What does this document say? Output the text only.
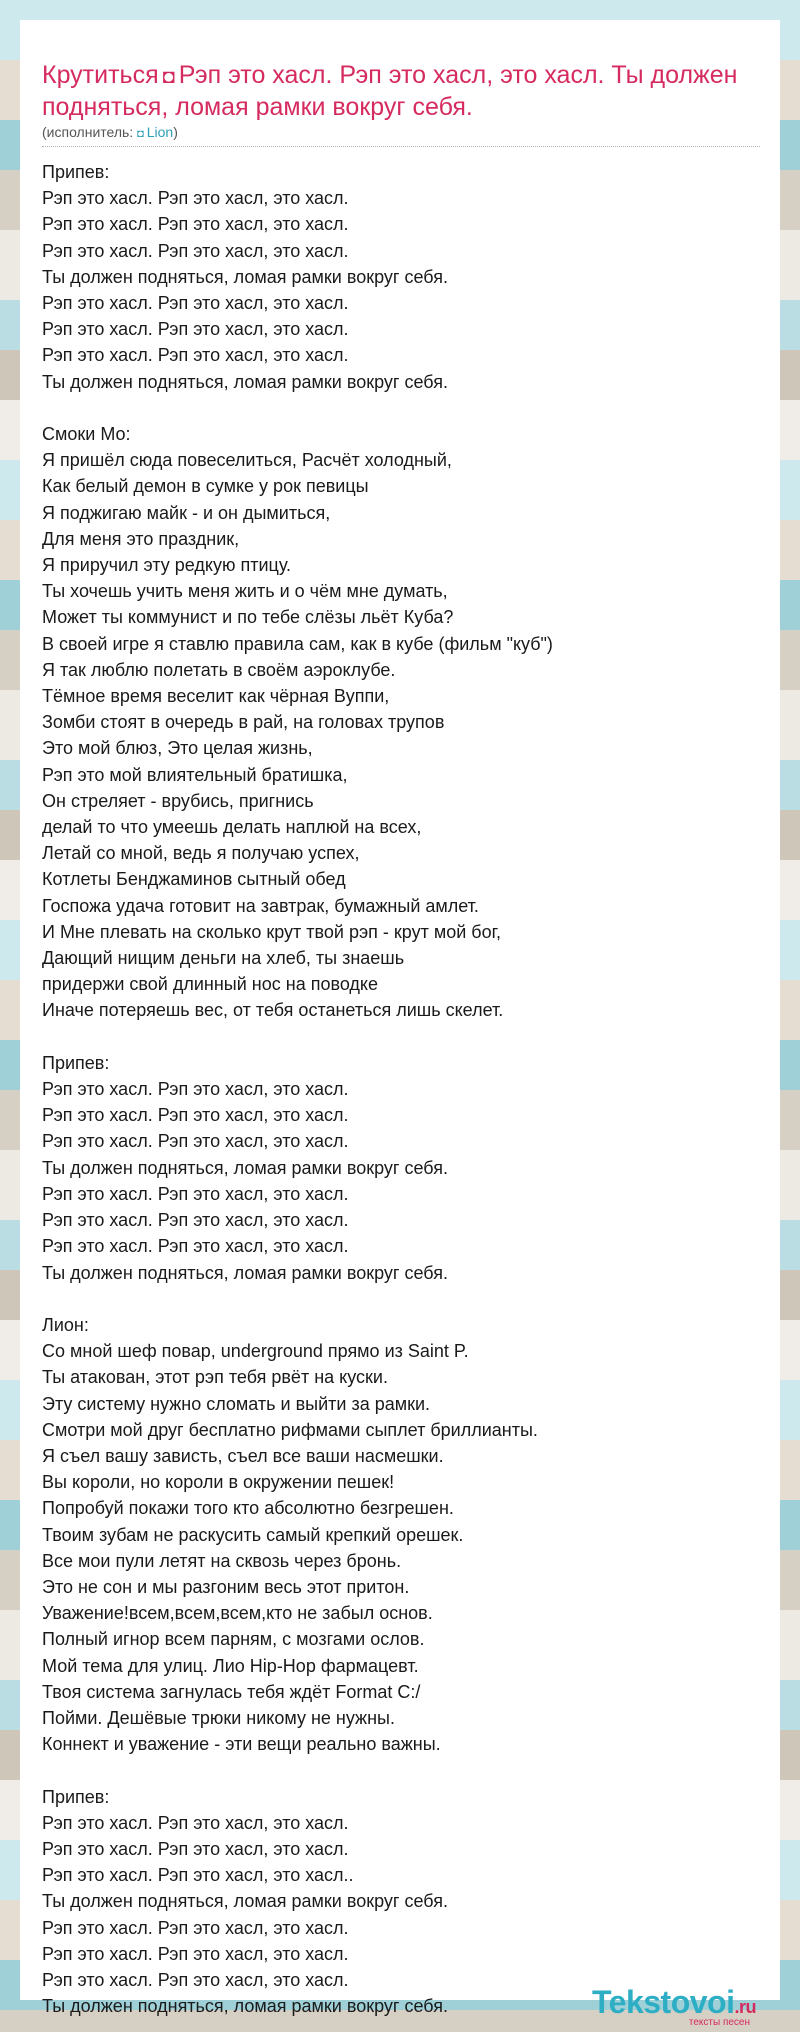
Крутиться ◘ Рэп это хасл. Рэп это хасл, это хасл. Ты должен подняться, ломая рамки вокруг себя.
(исполнитель: ◘ Lion)
Припев:
Рэп это хасл. Рэп это хасл, это хасл.
Рэп это хасл. Рэп это хасл, это хасл.
Рэп это хасл. Рэп это хасл, это хасл.
Ты должен подняться, ломая рамки вокруг себя.
Рэп это хасл. Рэп это хасл, это хасл.
Рэп это хасл. Рэп это хасл, это хасл.
Рэп это хасл. Рэп это хасл, это хасл.
Ты должен подняться, ломая рамки вокруг себя.
Смоки Мо:
Я пришёл сюда повеселиться, Расчёт холодный,
Как белый демон в сумке у рок певицы
Я поджигаю майк - и он дымиться,
Для меня это праздник,
Я приручил эту редкую птицу.
Ты хочешь учить меня жить и о чём мне думать,
Может ты коммунист и по тебе слёзы льёт Куба?
В своей игре я ставлю правила сам, как в кубе (фильм "куб")
Я так люблю полетать в своём аэроклубе.
Тёмное время веселит как чёрная Вуппи,
Зомби стоят в очередь в рай, на головах трупов
Это мой блюз, Это целая жизнь,
Рэп это мой влиятельный братишка,
Он стреляет - врубись, пригнись
делай то что умеешь делать наплюй на всех,
Летай со мной, ведь я получаю успех,
Котлеты Бенджаминов сытный обед
Госпожа удача готовит на завтрак, бумажный амлет.
И Мне плевать на сколько крут твой рэп - крут мой бог,
Дающий нищим деньги на хлеб, ты знаешь
придержи свой длинный нос на поводке
Иначе потеряешь вес, от тебя останеться лишь скелет.
Припев:
Рэп это хасл. Рэп это хасл, это хасл.
Рэп это хасл. Рэп это хасл, это хасл.
Рэп это хасл. Рэп это хасл, это хасл.
Ты должен подняться, ломая рамки вокруг себя.
Рэп это хасл. Рэп это хасл, это хасл.
Рэп это хасл. Рэп это хасл, это хасл.
Рэп это хасл. Рэп это хасл, это хасл.
Ты должен подняться, ломая рамки вокруг себя.
Лион:
Со мной шеф повар, underground прямо из Saint P.
Ты атакован, этот рэп тебя рвёт на куски.
Эту систему нужно сломать и выйти за рамки.
Смотри мой друг бесплатно рифмами сыплет бриллианты.
Я съел вашу зависть, съел все ваши насмешки.
Вы короли, но короли в окружении пешек!
Попробуй покажи того кто абсолютно безгрешен.
Твоим зубам не раскусить самый крепкий орешек.
Все мои пули летят на сквозь через бронь.
Это не сон и мы разгоним весь этот притон.
Уважение!всем,всем,всем,кто не забыл основ.
Полный игнор всем парням, с мозгами ослов.
Мой тема для улиц. Лио Hip-Hop фармацевт.
Твоя система загнулась тебя ждёт Format C:/
Пойми. Дешёвые трюки никому не нужны.
Коннект и уважение - эти вещи реально важны.
Припев:
Рэп это хасл. Рэп это хасл, это хасл.
Рэп это хасл. Рэп это хасл, это хасл.
Рэп это хасл. Рэп это хасл, это хасл..
Ты должен подняться, ломая рамки вокруг себя.
Рэп это хасл. Рэп это хасл, это хасл.
Рэп это хасл. Рэп это хасл, это хасл.
Рэп это хасл. Рэп это хасл, это хасл.
Ты должен подняться, ломая рамки вокруг себя.	Tekstovoi.ru
тексты песен
